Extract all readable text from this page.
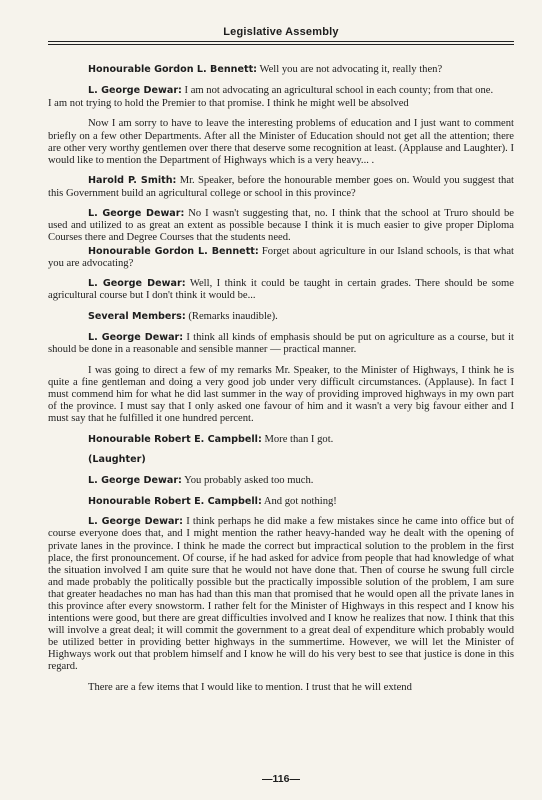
Legislative Assembly

Honourable Gordon L. Bennett: Well you are not advocating it, really then?

L. George Dewar: I am not advocating an agricultural school in each county; from that one.

I am not trying to hold the Premier to that promise. I think he might well be absolved

Now I am sorry to have to leave the interesting problems of education and I just want to comment briefly on a few other Departments. After all the Minister of Education should not get all the attention; there are other very worthy gentlemen over there that deserve some recognition at least. (Applause and Laughter). I would like to mention the Department of Highways which is a very heavy... .

Harold P. Smith: Mr. Speaker, before the honourable member goes on. Would you suggest that this Government build an agricultural college or school in this province?

L. George Dewar: No I wasn't suggesting that, no. I think that the school at Truro should be used and utilized to as great an extent as possible because I think it is much easier to give proper Diploma Courses there and Degree Courses that the students need.

Honourable Gordon L. Bennett: Forget about agriculture in our Island schools, is that what you are advocating?

L. George Dewar: Well, I think it could be taught in certain grades. There should be some agricultural course but I don't think it would be...

Several Members: (Remarks inaudible).

L. George Dewar: I think all kinds of emphasis should be put on agriculture as a course, but it should be done in a reasonable and sensible manner — practical manner.

I was going to direct a few of my remarks Mr. Speaker, to the Minister of Highways, I think he is quite a fine gentleman and doing a very good job under very difficult circumstances. (Applause). In fact I must commend him for what he did last summer in the way of providing improved highways in my own part of the province. I must say that I only asked one favour of him and it wasn't a very big favour either and I must say that he fulfilled it one hundred percent.

Honourable Robert E. Campbell: More than I got.

(Laughter)

L. George Dewar: You probably asked too much.

Honourable Robert E. Campbell: And got nothing!

L. George Dewar: I think perhaps he did make a few mistakes since he came into office but of course everyone does that, and I might mention the rather heavy-handed way he dealt with the opening of private lanes in the province. I think he made the correct but impractical solution to the problem in the first place, the first pronouncement. Of course, if he had asked for advice from people that had knowledge of what the situation involved I am quite sure that he would not have done that. Then of course he swung full circle and made probably the politically possible but the practically impossible solution of the problem, I am sure that greater headaches no man has had than this man that promised that he would open all the private lanes in this province after every snowstorm. I rather felt for the Minister of Highways in this respect and I know his intentions were good, but there are great difficulties involved and I know he realizes that now. I think that this will involve a great deal; it will commit the government to a great deal of expenditure which probably would be utilized better in providing better highways in the summertime. However, we will let the Minister of Highways work out that problem himself and I know he will do his very best to see that justice is done in this regard.

There are a few items that I would like to mention. I trust that he will extend

—116—
